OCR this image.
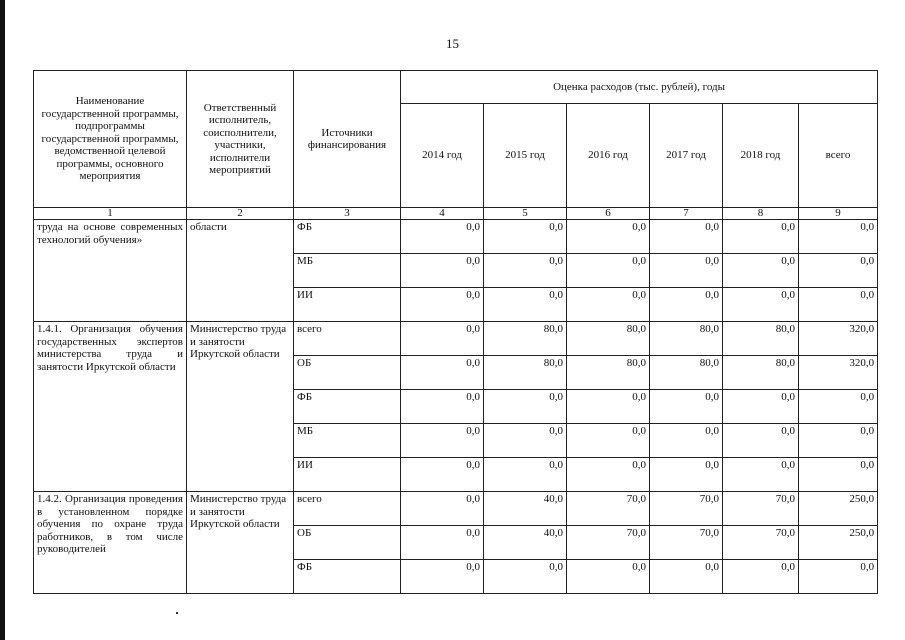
15
Наименование государственной программы, подпрограммы государственной программы, ведомственной целевой программы, основного мероприятия	Ответственный исполнитель, соисполнители, участники, исполнители мероприятий	Источники финансирования	Оценка расходов (тыс. рублей), годы					
			2014 год	2015 год	2016 год	2017 год	2018 год	всего
1	2	3	4	5	6	7	8	9
труда на основе современных технологий обучения»	области	ФБ	0,0	0,0	0,0	0,0	0,0	0,0
		МБ	0,0	0,0	0,0	0,0	0,0	0,0
		ИИ	0,0	0,0	0,0	0,0	0,0	0,0
1.4.1. Организация обучения государственных экспертов министерства труда и занятости Иркутской области	Министерство труда и занятости Иркутской области	всего	0,0	80,0	80,0	80,0	80,0	320,0
		ОБ	0,0	80,0	80,0	80,0	80,0	320,0
		ФБ	0,0	0,0	0,0	0,0	0,0	0,0
		МБ	0,0	0,0	0,0	0,0	0,0	0,0
		ИИ	0,0	0,0	0,0	0,0	0,0	0,0
1.4.2. Организация проведения в установленном порядке обучения по охране труда работников, в том числе руководителей	Министерство труда и занятости Иркутской области	всего	0,0	40,0	70,0	70,0	70,0	250,0
		ОБ	0,0	40,0	70,0	70,0	70,0	250,0
		ФБ	0,0	0,0	0,0	0,0	0,0	0,0
